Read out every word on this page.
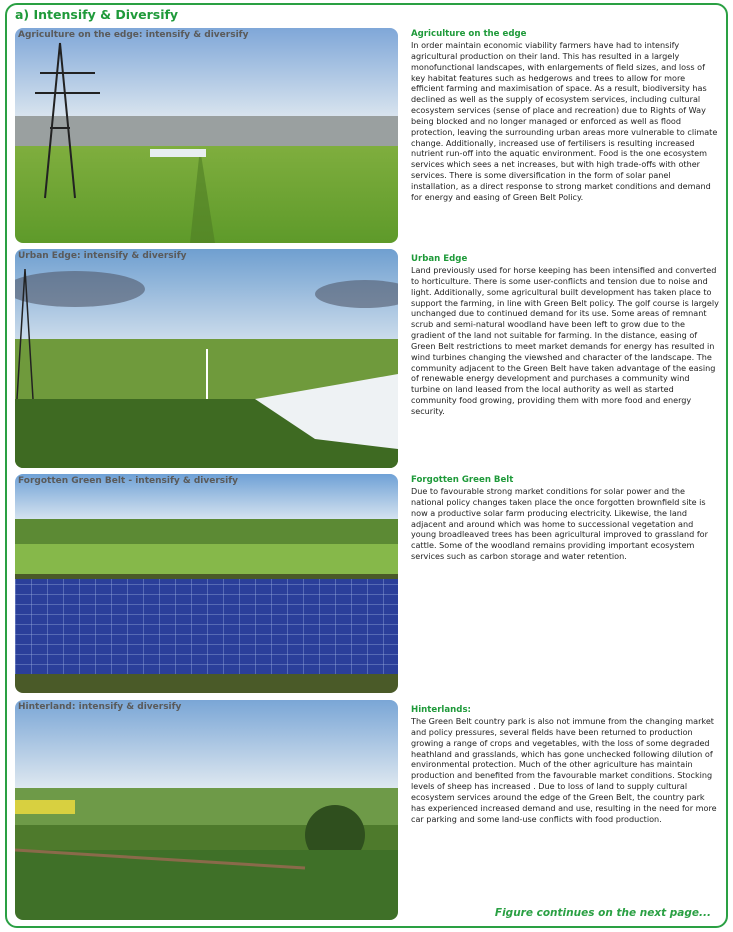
a) Intensify & Diversify
Agriculture on the edge: intensify & diversify	Agriculture on the edge

In order maintain economic viability farmers have had to intensify agricultural production on their land. This has resulted in a largely monofunctional landscapes, with enlargements of field sizes, and loss of key habitat features such as hedgerows and trees to allow for more efficient farming and maximisation of space. As a result, biodiversity has declined as well as the supply of ecosystem services, including cultural ecosystem services (sense of place and recreation) due to Rights of Way being blocked and no longer managed or enforced as well as flood protection, leaving the surrounding urban areas more vulnerable to climate change. Additionally, increased use of fertilisers is resulting increased nutrient run-off into the aquatic environment. Food is the one ecosystem services which sees a net increases, but with high trade-offs with other services. There is some diversification in the form of solar panel installation, as a direct response to strong market conditions and demand for energy and easing of Green Belt Policy.

Urban Edge: intensify & diversify	Urban Edge

Land previously used for horse keeping has been intensified and converted to horticulture. There is some user-conflicts and tension due to noise and light. Additionally, some agricultural built development has taken place to support the farming, in line with Green Belt policy. The golf course is largely unchanged due to continued demand for its use. Some areas of remnant scrub and semi-natural woodland have been left to grow due to the gradient of the land not suitable for farming. In the distance, easing of Green Belt restrictions to meet market demands for energy has resulted in wind turbines changing the viewshed and character of the landscape. The community adjacent to the Green Belt have taken advantage of the easing of renewable energy development and purchases a community wind turbine on land leased from the local authority as well as started community food growing, providing them with more food and energy security.

Forgotten Green Belt - intensify & diversify	Forgotten Green Belt

Due to favourable strong market conditions for solar power and the national policy changes taken place the once forgotten brownfield site is now a productive solar farm producing electricity. Likewise, the land adjacent and around which was home to successional vegetation and young broadleaved trees has been agricultural improved to grassland for cattle. Some of the woodland remains providing important ecosystem services such as carbon storage and water retention.

Hinterland: intensify & diversify	Hinterlands:

The Green Belt country park is also not immune from the changing market and policy pressures, several fields have been returned to production growing a range of crops and vegetables, with the loss of some degraded heathland and grasslands, which has gone unchecked following dilution of environmental protection. Much of the other agriculture has maintain production and benefited from the favourable market conditions. Stocking levels of sheep has increased . Due to loss of land to supply cultural ecosystem services around the edge of the Green Belt, the country park has experienced increased demand and use, resulting in the need for more car parking and some land-use conflicts with food production.

Figure continues on the next page...
